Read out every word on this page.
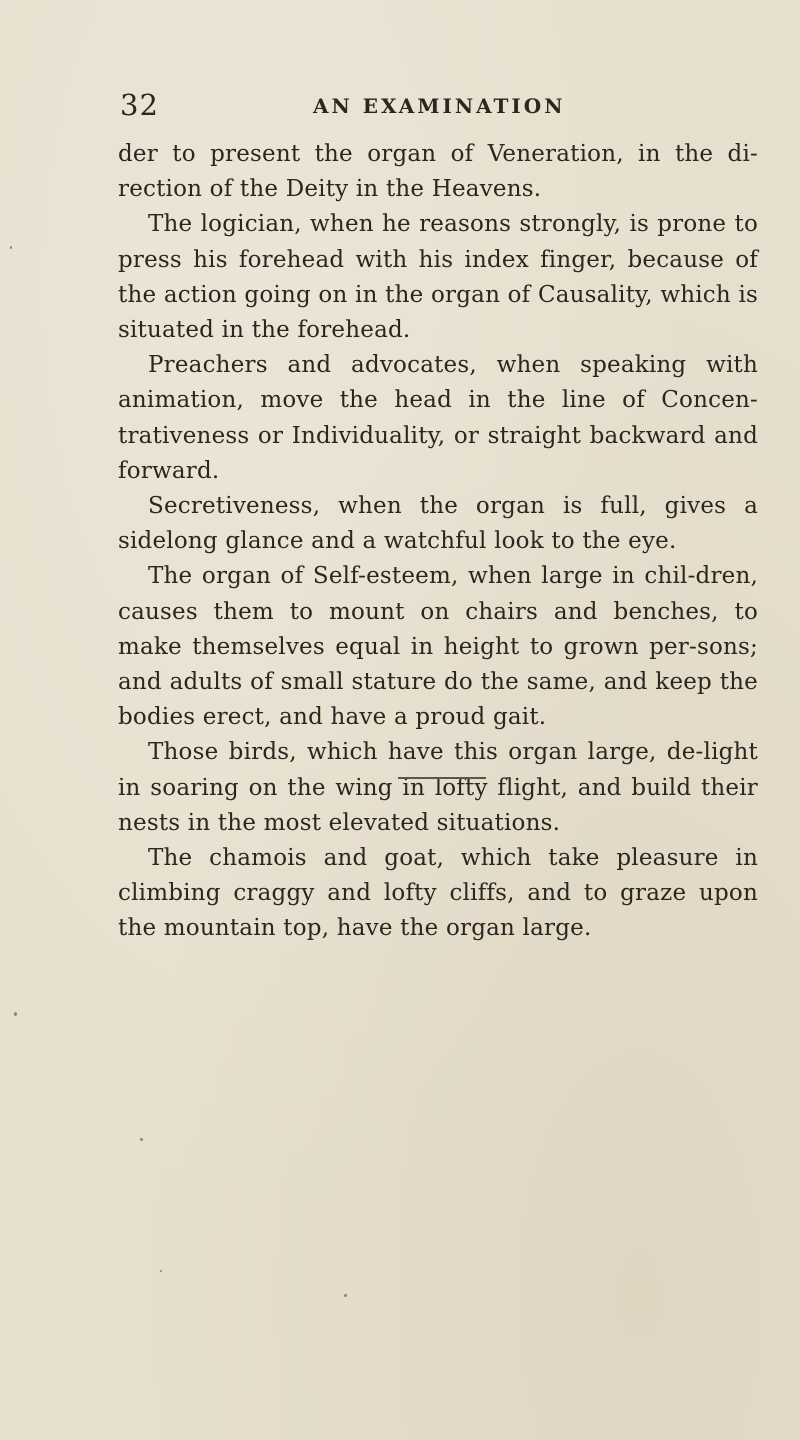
32	AN EXAMINATION

der to present the organ of Veneration, in the di-rection of the Deity in the Heavens.

The logician, when he reasons strongly, is prone to press his forehead with his index finger, because of the action going on in the organ of Causality, which is situated in the forehead.

Preachers and advocates, when speaking with animation, move the head in the line of Concen-trativeness or Individuality, or straight backward and forward.

Secretiveness, when the organ is full, gives a sidelong glance and a watchful look to the eye.

The organ of Self-esteem, when large in chil-dren, causes them to mount on chairs and benches, to make themselves equal in height to grown per-sons; and adults of small stature do the same, and keep the bodies erect, and have a proud gait.

Those birds, which have this organ large, de-light in soaring on the wing in lofty flight, and build their nests in the most elevated situations.

The chamois and goat, which take pleasure in climbing craggy and lofty cliffs, and to graze upon the mountain top, have the organ large.
